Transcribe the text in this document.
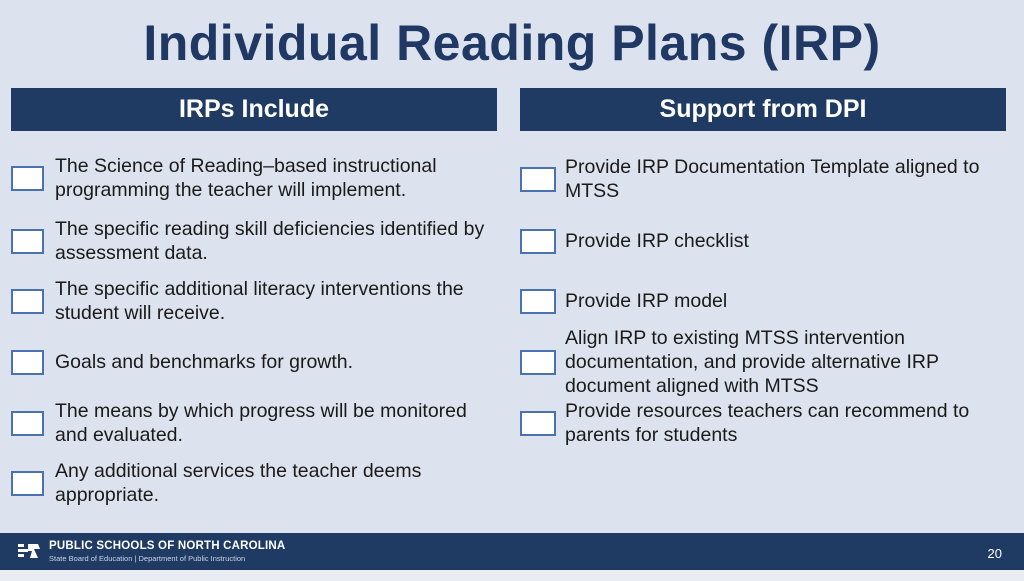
Individual Reading Plans (IRP)
IRPs Include	Support from DPI
The Science of Reading–based instructional programming the teacher will implement.
The specific reading skill deficiencies identified by assessment data.
The specific additional literacy interventions the student will receive.
Goals and benchmarks for growth.
The means by which progress will be monitored and evaluated.
Any additional services the teacher deems appropriate.
Provide IRP Documentation Template aligned to MTSS
Provide IRP checklist
Provide IRP model
Align IRP to existing MTSS intervention documentation, and provide alternative IRP document aligned with MTSS
Provide resources teachers can recommend to parents for students
PUBLIC SCHOOLS OF NORTH CAROLINA
State Board of Education | Department of Public Instruction	20
